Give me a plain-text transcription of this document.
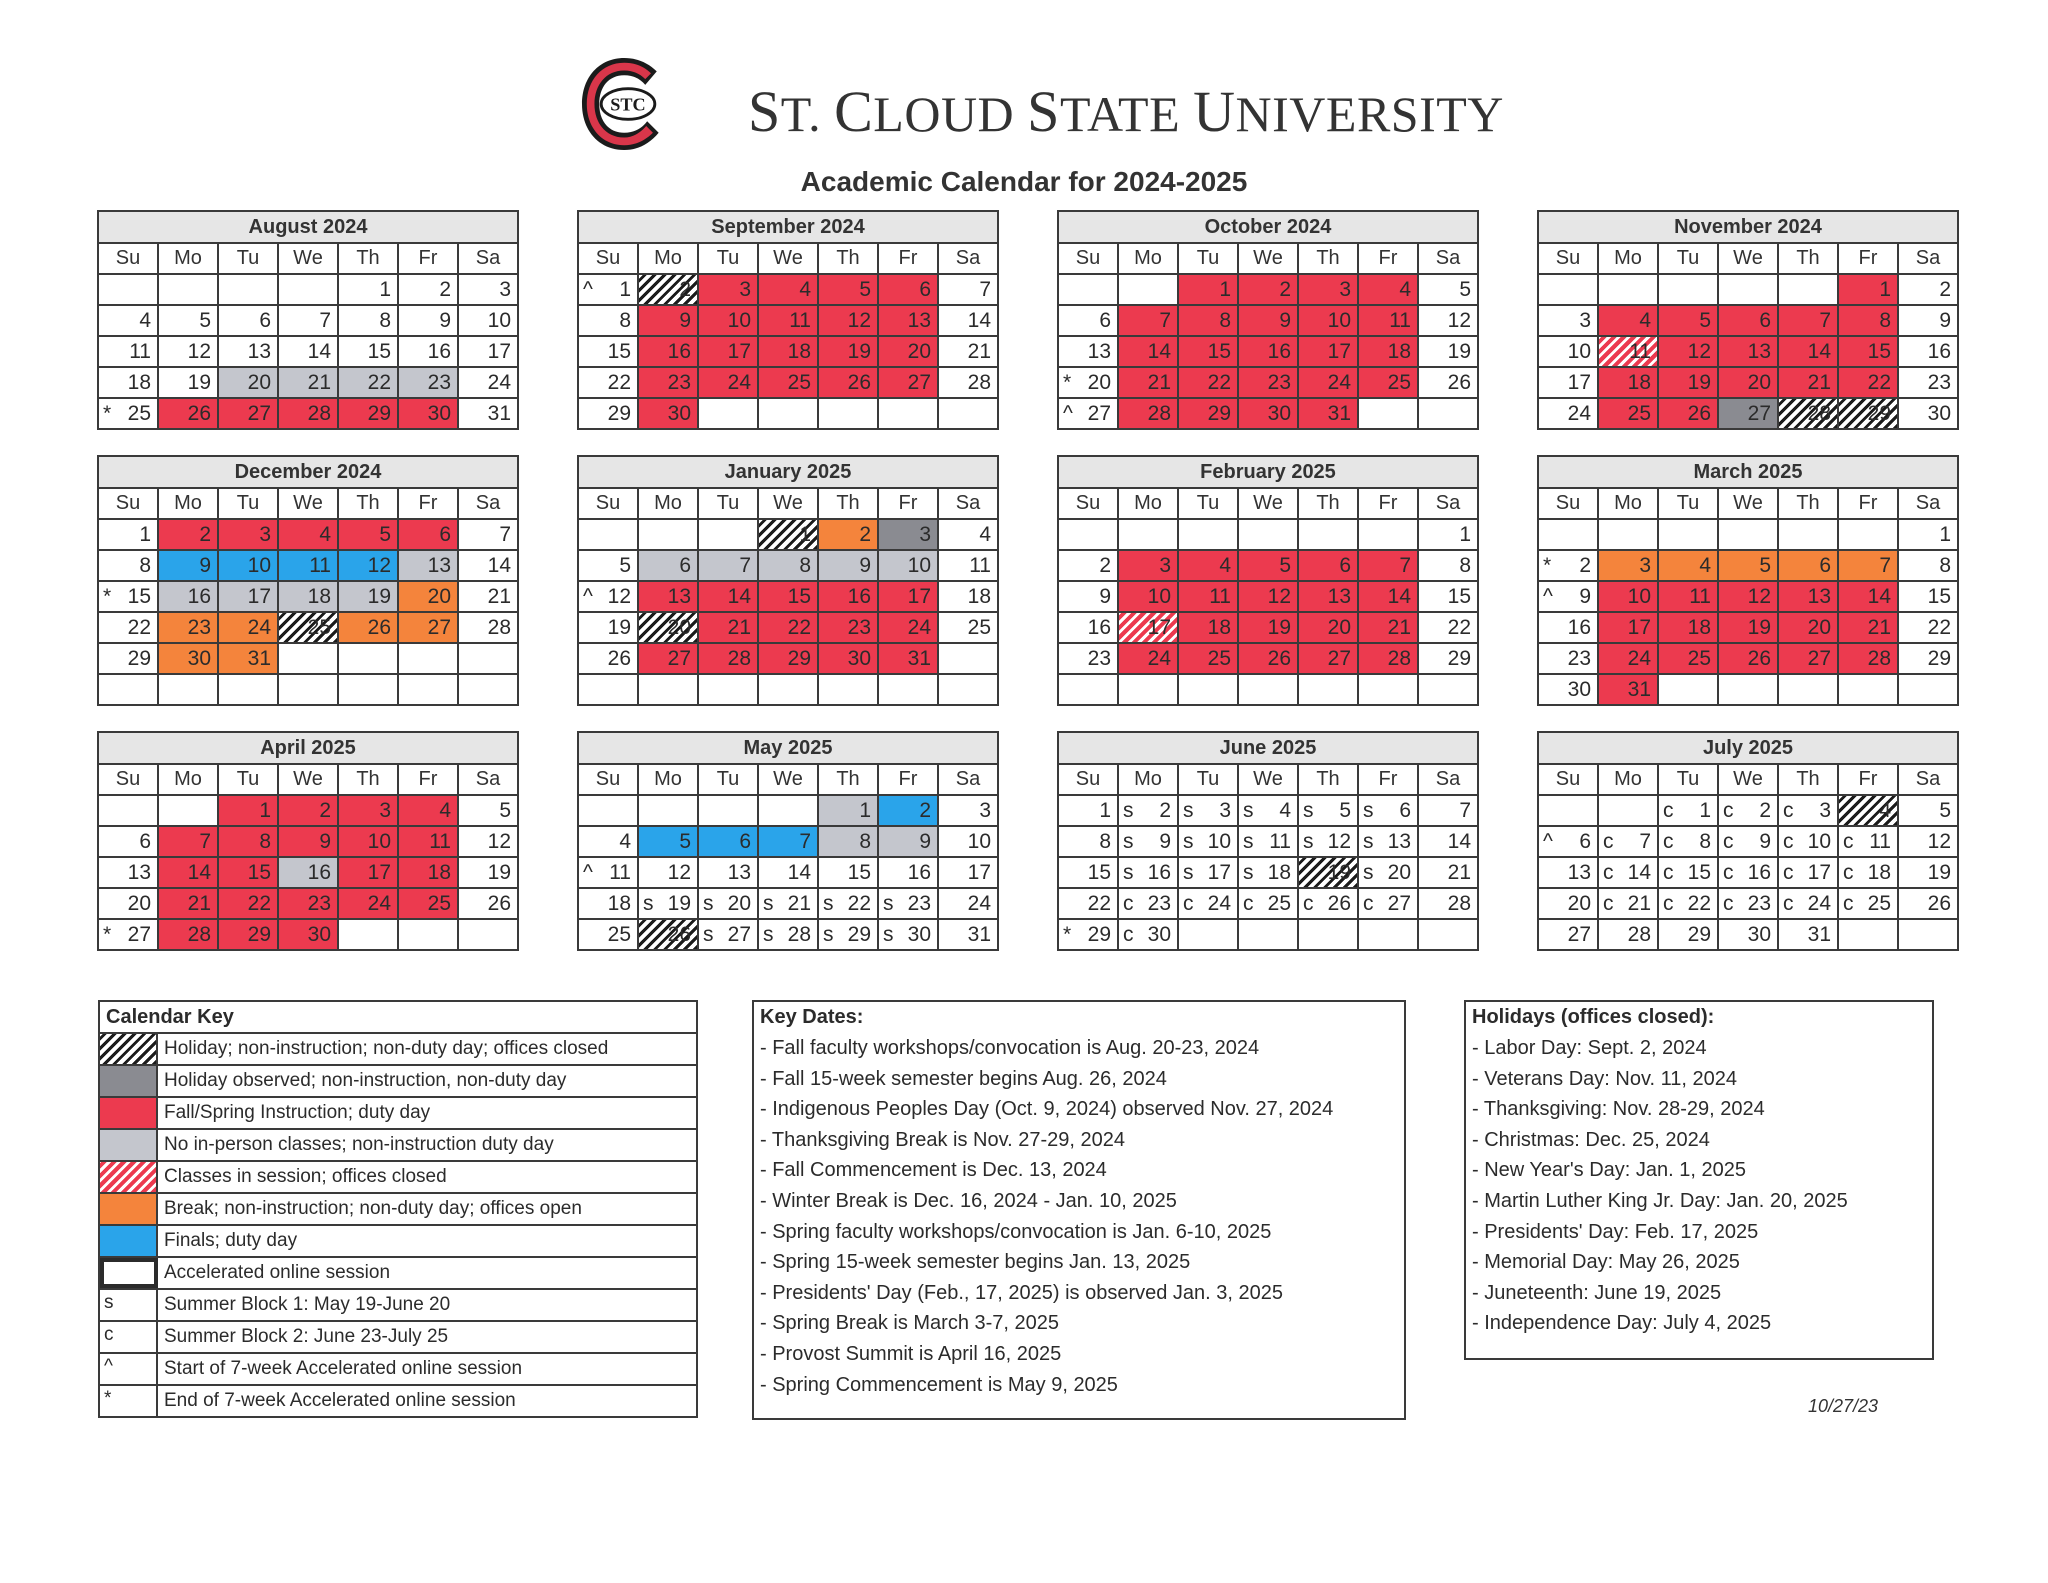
STC ST. CLOUD STATE UNIVERSITY
Academic Calendar for 2024-2025
August 2024						
Su	Mo	Tu	We	Th	Fr	Sa
				1	2	3
4	5	6	7	8	9	10
11	12	13	14	15	16	17
18	19	20	21	22	23	24

* 25	26	27	28	29	30	31
September 2024						
Su	Mo	Tu	We	Th	Fr	Sa

^ 1	2	3	4	5	6	7
8	9	10	11	12	13	14
15	16	17	18	19	20	21
22	23	24	25	26	27	28
29	30					
October 2024						
Su	Mo	Tu	We	Th	Fr	Sa
		1	2	3	4	5
6	7	8	9	10	11	12
13	14	15	16	17	18	19

* 20	21	22	23	24	25	26

^ 27	28	29	30	31		
November 2024						
Su	Mo	Tu	We	Th	Fr	Sa
					1	2
3	4	5	6	7	8	9
10	11	12	13	14	15	16
17	18	19	20	21	22	23
24	25	26	27	28	29	30
December 2024						
Su	Mo	Tu	We	Th	Fr	Sa
1	2	3	4	5	6	7
8	9	10	11	12	13	14

* 15	16	17	18	19	20	21
22	23	24	25	26	27	28
29	30	31				

January 2025						
Su	Mo	Tu	We	Th	Fr	Sa
			1	2	3	4
5	6	7	8	9	10	11

^ 12	13	14	15	16	17	18
19	20	21	22	23	24	25
26	27	28	29	30	31	

February 2025						
Su	Mo	Tu	We	Th	Fr	Sa
						1
2	3	4	5	6	7	8
9	10	11	12	13	14	15
16	17	18	19	20	21	22
23	24	25	26	27	28	29

March 2025						
Su	Mo	Tu	We	Th	Fr	Sa
						1

* 2	3	4	5	6	7	8

^ 9	10	11	12	13	14	15
16	17	18	19	20	21	22
23	24	25	26	27	28	29
30	31					
April 2025						
Su	Mo	Tu	We	Th	Fr	Sa
		1	2	3	4	5
6	7	8	9	10	11	12
13	14	15	16	17	18	19
20	21	22	23	24	25	26

* 27	28	29	30			
May 2025						
Su	Mo	Tu	We	Th	Fr	Sa
				1	2	3
4	5	6	7	8	9	10

^ 11	12	13	14	15	16	17
18	s 19	s 20	s 21	s 22	s 23	24
25	26	s 27	s 28	s 29	s 30	31
June 2025						
Su	Mo	Tu	We	Th	Fr	Sa
1	s 2	s 3	s 4	s 5	s 6	7
8	s 9	s 10	s 11	s 12	s 13	14
15	s 16	s 17	s 18	19	s 20	21
22	c 23	c 24	c 25	c 26	c 27	28

* 29	c 30					
July 2025						
Su	Mo	Tu	We	Th	Fr	Sa

		c 1	c 2	c 3	4	5

^ 6	c 7	c 8	c 9	c 10	c 11	12
13	c 14	c 15	c 16	c 17	c 18	19
20	c 21	c 22	c 23	c 24	c 25	26
27	28	29	30	31		
Calendar Key
Holiday; non-instruction; non-duty day; offices closed
Holiday observed; non-instruction, non-duty day
Fall/Spring Instruction; duty day
No in-person classes; non-instruction duty day
Classes in session; offices closed
Break; non-instruction; non-duty day; offices open
Finals; duty day
Accelerated online session
s	Summer Block 1: May 19-June 20
c	Summer Block 2: June 23-July 25
^	Start of 7-week Accelerated online session
*	End of 7-week Accelerated online session
Key Dates:
- Fall faculty workshops/convocation is Aug. 20-23, 2024
- Fall 15-week semester begins Aug. 26, 2024
- Indigenous Peoples Day (Oct. 9, 2024) observed Nov. 27, 2024
- Thanksgiving Break is Nov. 27-29, 2024
- Fall Commencement is Dec. 13, 2024
- Winter Break is Dec. 16, 2024 - Jan. 10, 2025
- Spring faculty workshops/convocation is Jan. 6-10, 2025
- Spring 15-week semester begins Jan. 13, 2025
- Presidents' Day (Feb., 17, 2025) is observed Jan. 3, 2025
- Spring Break is March 3-7, 2025
- Provost Summit is April 16, 2025
- Spring Commencement is May 9, 2025
Holidays (offices closed):
- Labor Day: Sept. 2, 2024
- Veterans Day: Nov. 11, 2024
- Thanksgiving: Nov. 28-29, 2024
- Christmas: Dec. 25, 2024
- New Year's Day: Jan. 1, 2025
- Martin Luther King Jr. Day: Jan. 20, 2025
- Presidents' Day: Feb. 17, 2025
- Memorial Day: May 26, 2025
- Juneteenth: June 19, 2025
- Independence Day: July 4, 2025
10/27/23
